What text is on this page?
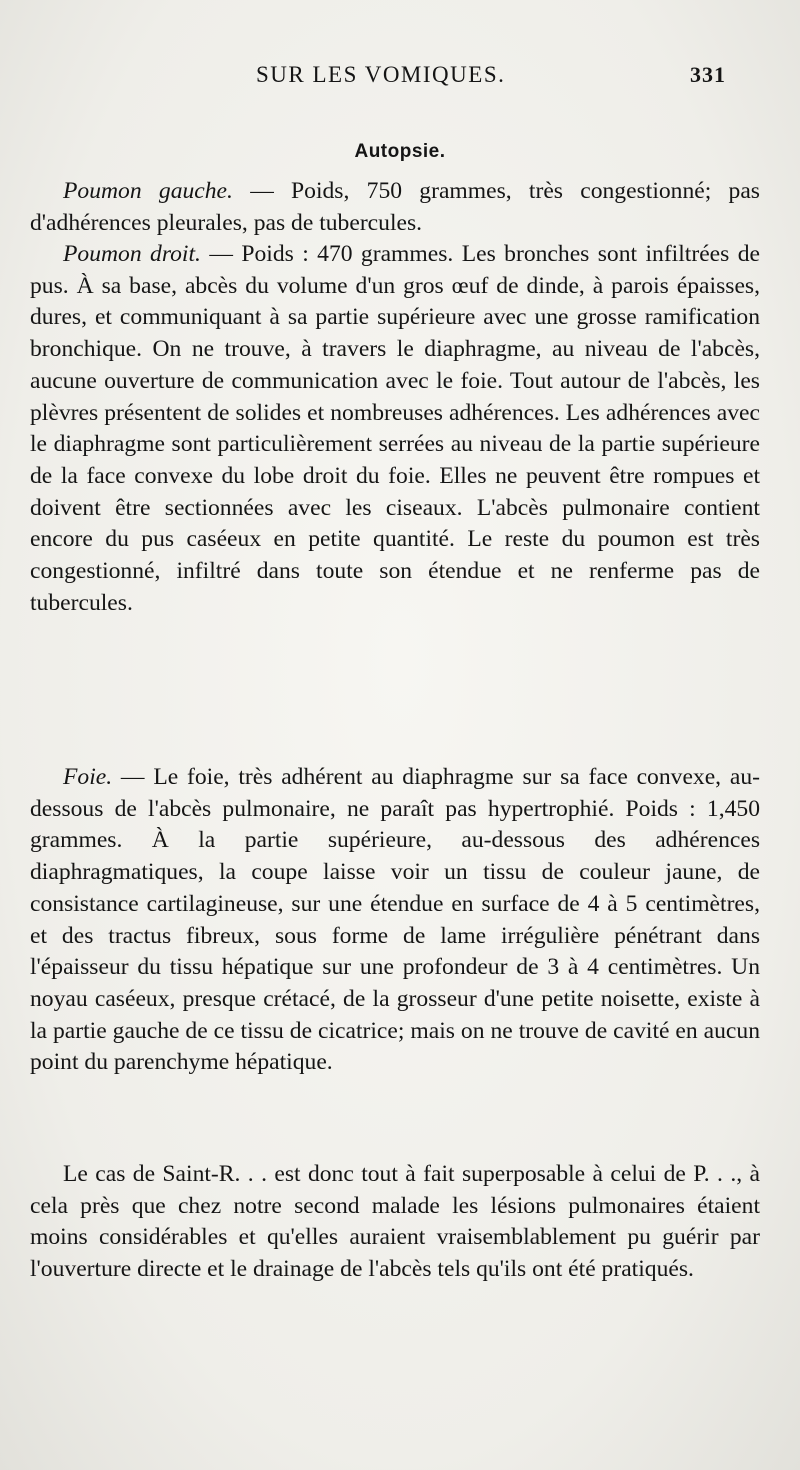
SUR LES VOMIQUES.	331
Autopsie.

Poumon gauche. — Poids, 750 grammes, très congestionné; pas d'adhérences pleurales, pas de tubercules.

Poumon droit. — Poids : 470 grammes. Les bronches sont infiltrées de pus. À sa base, abcès du volume d'un gros œuf de dinde, à parois épaisses, dures, et communiquant à sa partie supérieure avec une grosse ramification bronchique. On ne trouve, à travers le diaphragme, au niveau de l'abcès, aucune ouverture de communication avec le foie. Tout autour de l'abcès, les plèvres présentent de solides et nombreuses adhérences. Les adhérences avec le diaphragme sont particulièrement serrées au niveau de la partie supérieure de la face convexe du lobe droit du foie. Elles ne peuvent être rompues et doivent être sectionnées avec les ciseaux. L'abcès pulmonaire contient encore du pus caséeux en petite quantité. Le reste du poumon est très congestionné, infiltré dans toute son étendue et ne renferme pas de tubercules.

Foie. — Le foie, très adhérent au diaphragme sur sa face convexe, au-dessous de l'abcès pulmonaire, ne paraît pas hypertrophié. Poids : 1,450 grammes. À la partie supérieure, au-dessous des adhérences diaphragmatiques, la coupe laisse voir un tissu de couleur jaune, de consistance cartilagineuse, sur une étendue en surface de 4 à 5 centimètres, et des tractus fibreux, sous forme de lame irrégulière pénétrant dans l'épaisseur du tissu hépatique sur une profondeur de 3 à 4 centimètres. Un noyau caséeux, presque crétacé, de la grosseur d'une petite noisette, existe à la partie gauche de ce tissu de cicatrice; mais on ne trouve de cavité en aucun point du parenchyme hépatique.

Le cas de Saint-R. . . est donc tout à fait superposable à celui de P. . ., à cela près que chez notre second malade les lésions pulmonaires étaient moins considérables et qu'elles auraient vraisemblablement pu guérir par l'ouverture directe et le drainage de l'abcès tels qu'ils ont été pratiqués.
